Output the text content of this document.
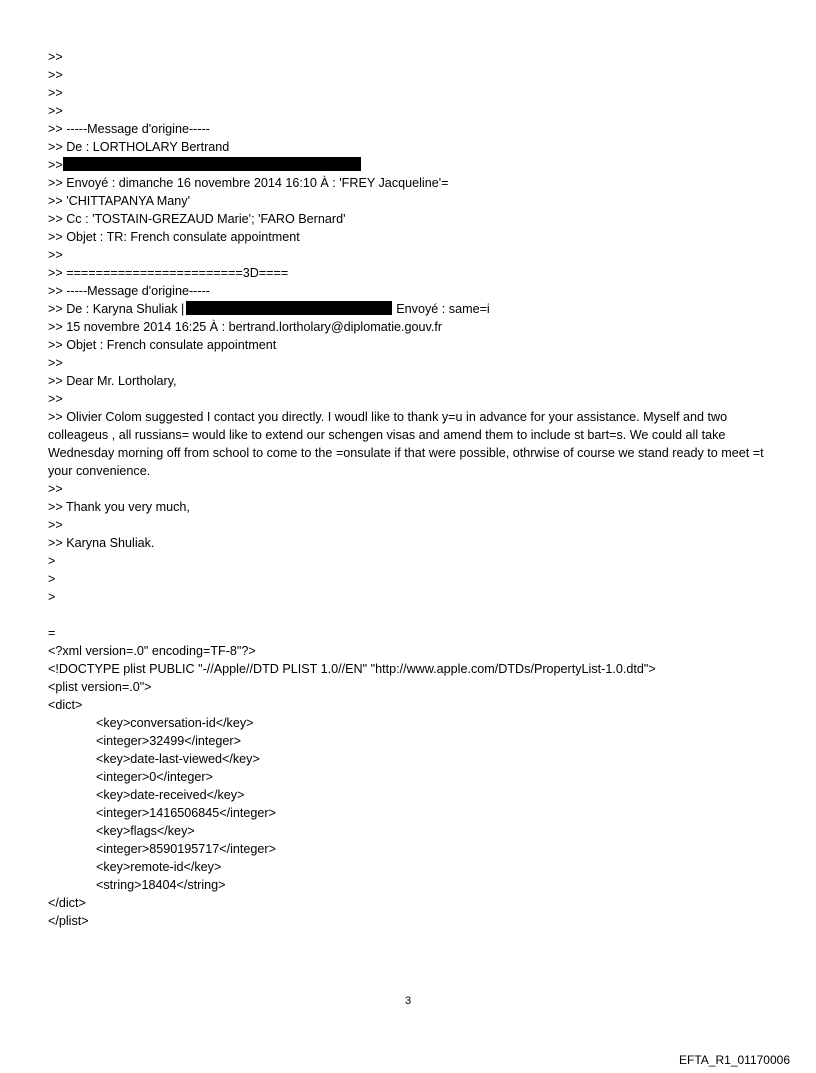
>>
>>
>>
>>
>> -----Message d'origine-----
>> De : LORTHOLARY Bertrand
>>
>> Envoyé : dimanche 16 novembre 2014 16:10 À : 'FREY Jacqueline'=
>> 'CHITTAPANYA Many'
>> Cc : 'TOSTAIN-GREZAUD Marie'; 'FARO Bernard'
>> Objet : TR: French consulate appointment
>>
>> ========================3D====
>> -----Message d'origine-----
>> De : Karyna Shuliak |	Envoyé : same=i
>> 15 novembre 2014 16:25 À : bertrand.lortholary@diplomatie.gouv.fr
>> Objet : French consulate appointment
>>
>> Dear Mr. Lortholary,
>>
>> Olivier Colom suggested I contact you directly. I woudl like to thank y=u in advance for your assistance. Myself and two colleageus , all russians= would like to extend our schengen visas and amend them to include st bart=s. We could all take Wednesday morning off from school to come to the =onsulate if that were possible, othrwise of course we stand ready to meet =t your convenience.
>>
>> Thank you very much,
>>
>> Karyna Shuliak.
>
>
>
=
<?xml version=.0" encoding=TF-8"?>
<!DOCTYPE plist PUBLIC "-//Apple//DTD PLIST 1.0//EN" "http://www.apple.com/DTDs/PropertyList-1.0.dtd">
<plist version=.0">
<dict>
<key>conversation-id</key>
<integer>32499</integer>
<key>date-last-viewed</key>
<integer>0</integer>
<key>date-received</key>
<integer>1416506845</integer>
<key>flags</key>
<integer>8590195717</integer>
<key>remote-id</key>
<string>18404</string>
</dict>
</plist>
3
EFTA_R1_01170006
